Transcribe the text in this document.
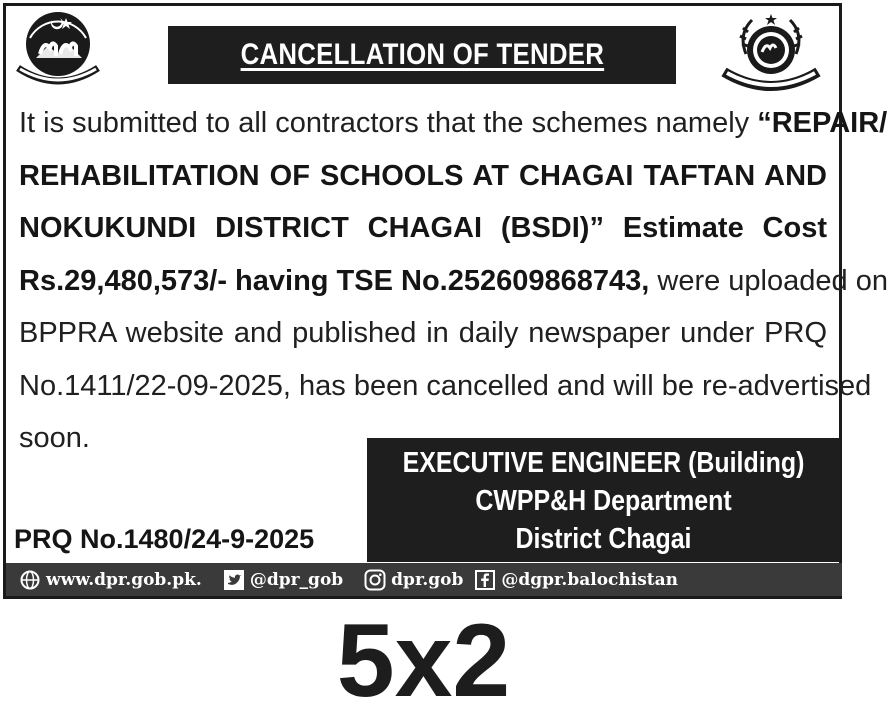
CANCELLATION OF TENDER
It is submitted to all contractors that the schemes namely “REPAIR/
REHABILITATION OF SCHOOLS AT CHAGAI TAFTAN AND
NOKUKUNDI DISTRICT CHAGAI (BSDI)” Estimate Cost
Rs.29,480,573/- having TSE No.252609868743, were uploaded on
BPPRA website and published in daily newspaper under PRQ
No.1411/22-09-2025, has been cancelled and will be re-advertised
soon.
EXECUTIVE ENGINEER (Building)
CWPP&H Department
District Chagai
PRQ No.1480/24-9-2025
www.dpr.gob.pk.	@dpr_gob	dpr.gob @dgpr.balochistan
5x2
